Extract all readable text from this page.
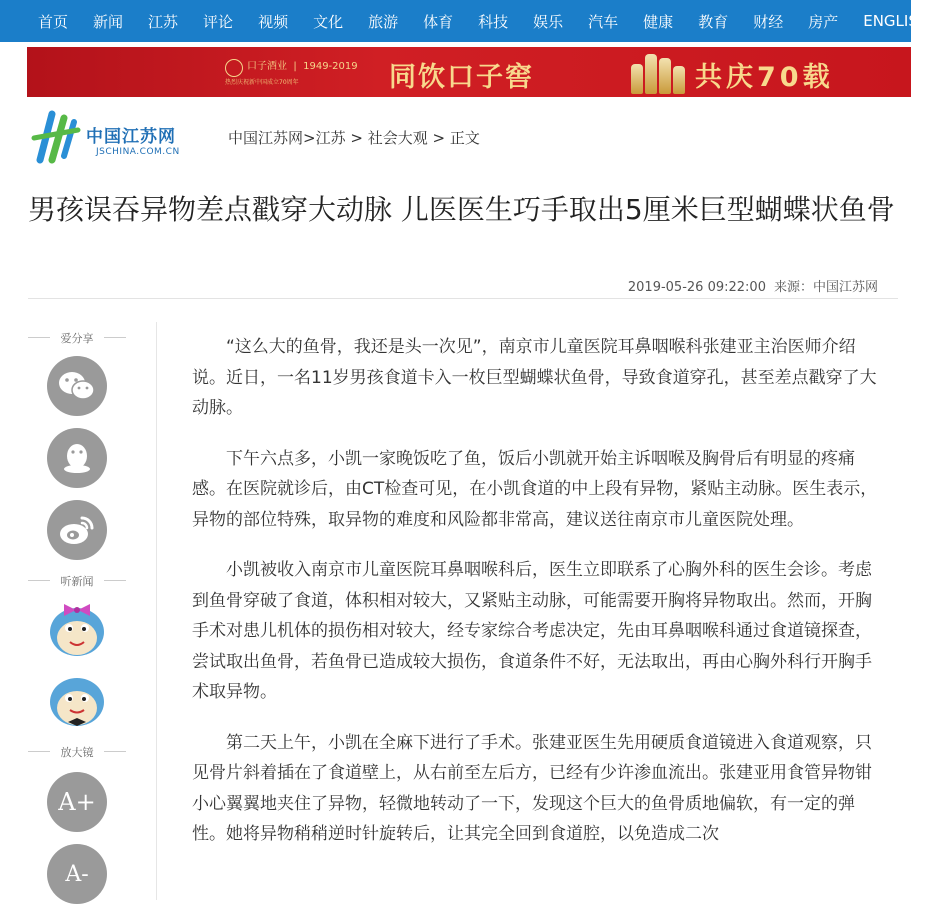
首页 新闻 江苏 评论 视频 文化 旅游 体育 科技 娱乐 汽车 健康 教育 财经 房产 ENGLISH
口子酒业  |  1949-2019
热烈庆祝新中国成立70周年	同饮口子窖	共庆70载
中国江苏网
JSCHINA.COM.CN
中国江苏网>江苏 > 社会大观 > 正文
男孩误吞异物差点戳穿大动脉 儿医医生巧手取出5厘米巨型蝴蝶状鱼骨
2019-05-26 09:22:00 来源：中国江苏网
爱分享
听新闻
放大镜
A+
A-

“这么大的鱼骨，我还是头一次见”，南京市儿童医院耳鼻咽喉科张建亚主治医师介绍说。近日，一名11岁男孩食道卡入一枚巨型蝴蝶状鱼骨，导致食道穿孔，甚至差点戳穿了大动脉。

下午六点多，小凯一家晚饭吃了鱼，饭后小凯就开始主诉咽喉及胸骨后有明显的疼痛感。在医院就诊后，由CT检查可见，在小凯食道的中上段有异物，紧贴主动脉。医生表示，异物的部位特殊，取异物的难度和风险都非常高，建议送往南京市儿童医院处理。

小凯被收入南京市儿童医院耳鼻咽喉科后，医生立即联系了心胸外科的医生会诊。考虑到鱼骨穿破了食道，体积相对较大，又紧贴主动脉，可能需要开胸将异物取出。然而，开胸手术对患儿机体的损伤相对较大，经专家综合考虑决定，先由耳鼻咽喉科通过食道镜探查，尝试取出鱼骨，若鱼骨已造成较大损伤，食道条件不好，无法取出，再由心胸外科行开胸手术取异物。

第二天上午，小凯在全麻下进行了手术。张建亚医生先用硬质食道镜进入食道观察，只见骨片斜着插在了食道壁上，从右前至左后方，已经有少许渗血流出。张建亚用食管异物钳小心翼翼地夹住了异物，轻微地转动了一下，发现这个巨大的鱼骨质地偏软，有一定的弹性。她将异物稍稍逆时针旋转后，让其完全回到食道腔，以免造成二次
